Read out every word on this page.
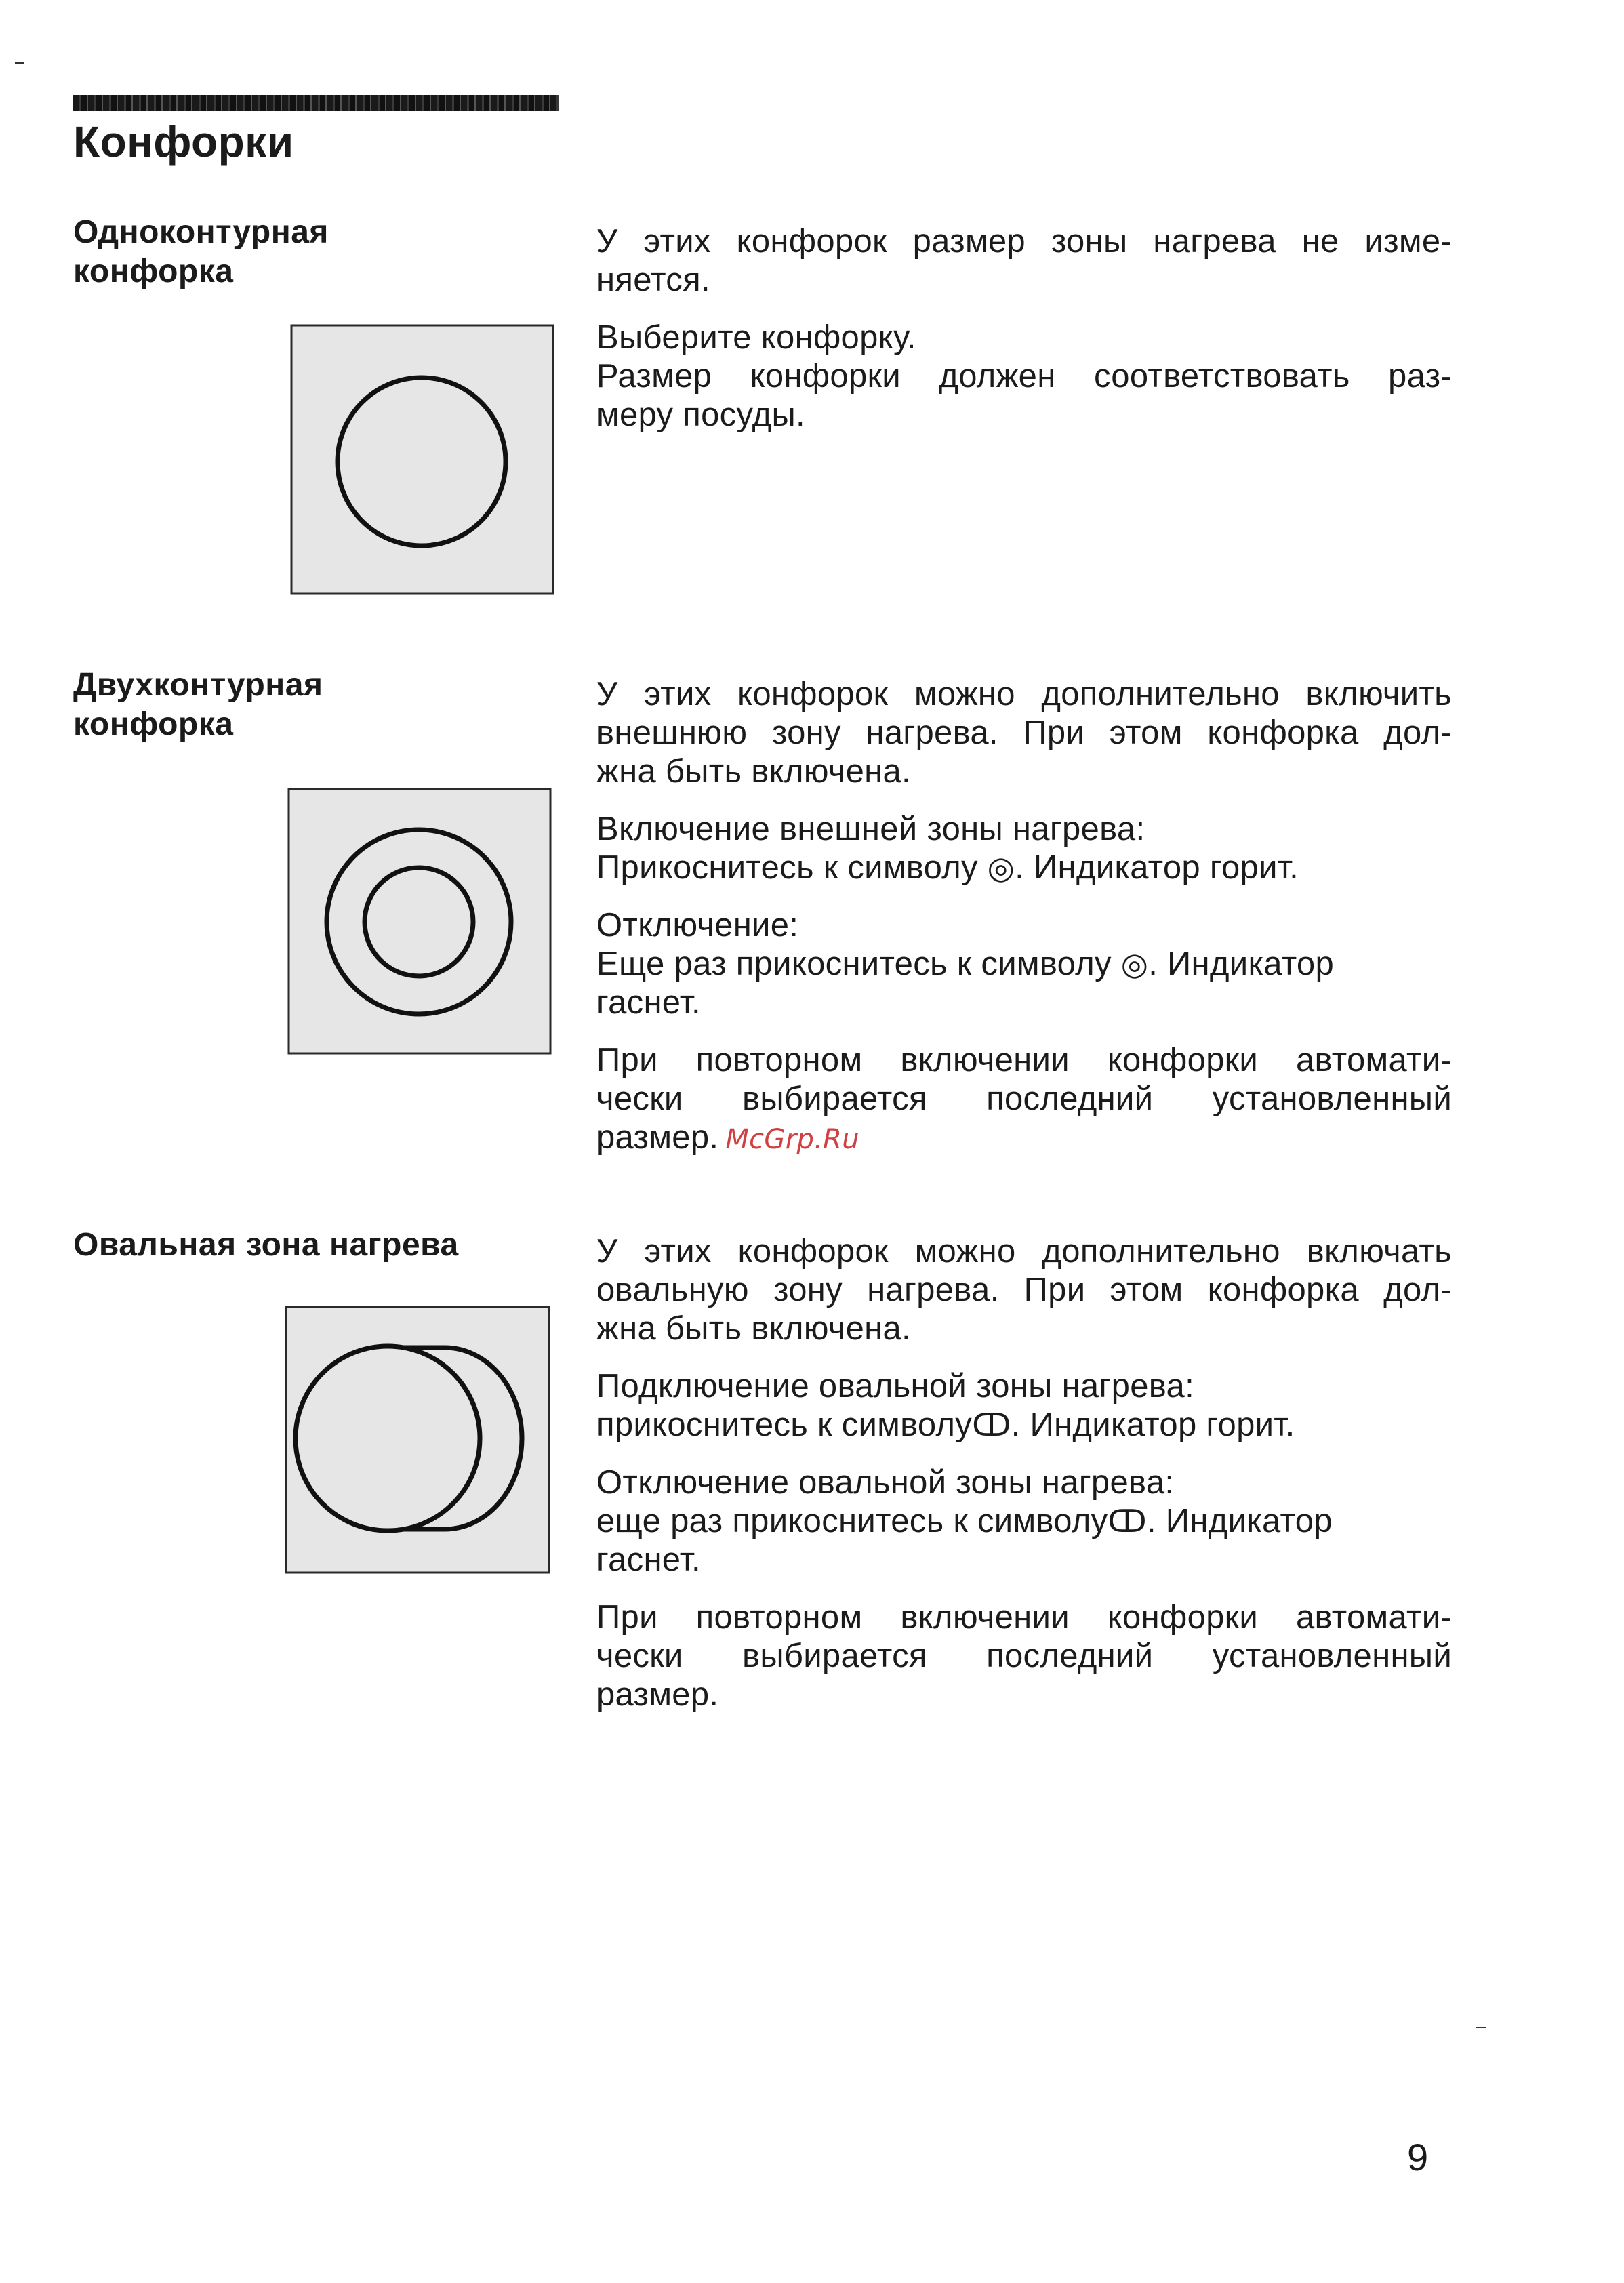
Конфорки
Одноконтурная
конфорка

У этих конфорок размер зоны нагрева не изме-
няется.

Выберите конфорку.
Размер конфорки должен соответствовать раз-
меру посуды.

Двухконтурная
конфорка

У этих конфорок можно дополнительно включить
внешнюю зону нагрева. При этом конфорка дол-
жна быть включена.

Включение внешней зоны нагрева:
Прикоснитесь к символу ◎. Индикатор горит.

Отключение:
Еще раз прикоснитесь к символу ◎. Индикатор
гаснет.

При повторном включении конфорки автомати-
чески выбирается последний установленный
размер. McGrp.Ru

Овальная зона нагрева	У этих конфорок можно дополнительно включать
овальную зону нагрева. При этом конфорка дол-
жна быть включена.

Подключение овальной зоны нагрева:
прикоснитесь к символуↀ. Индикатор горит.

Отключение овальной зоны нагрева:
еще раз прикоснитесь к символуↀ. Индикатор
гаснет.

При повторном включении конфорки автомати-
чески выбирается последний установленный
размер.

9
